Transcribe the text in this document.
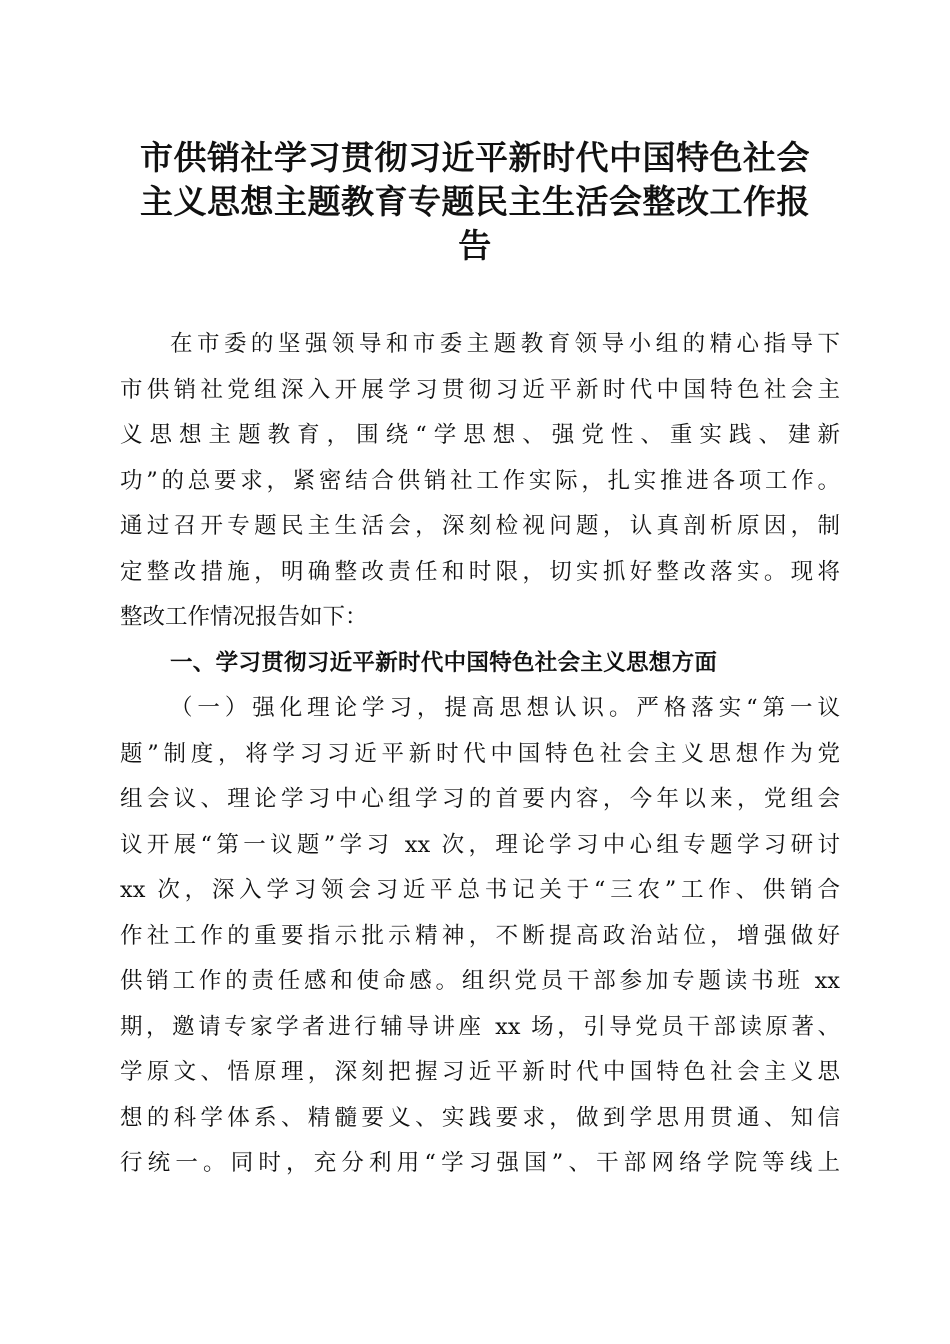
市供销社学习贯彻习近平新时代中国特色社会
主义思想主题教育专题民主生活会整改工作报
告

在市委的坚强领导和市委主题教育领导小组的精心指导下
市供销社党组深入开展学习贯彻习近平新时代中国特色社会主
义思想主题教育，围绕“学思想、强党性、重实践、建新
功”的总要求，紧密结合供销社工作实际，扎实推进各项工作。
通过召开专题民主生活会，深刻检视问题，认真剖析原因，制
定整改措施，明确整改责任和时限，切实抓好整改落实。现将
整改工作情况报告如下：

一、学习贯彻习近平新时代中国特色社会主义思想方面

（一）强化理论学习，提高思想认识。严格落实“第一议
题”制度，将学习习近平新时代中国特色社会主义思想作为党
组会议、理论学习中心组学习的首要内容，今年以来，党组会
议开展“第一议题”学习 xx 次，理论学习中心组专题学习研讨
xx 次，深入学习领会习近平总书记关于“三农”工作、供销合
作社工作的重要指示批示精神，不断提高政治站位，增强做好
供销工作的责任感和使命感。组织党员干部参加专题读书班 xx
期，邀请专家学者进行辅导讲座 xx 场，引导党员干部读原著、
学原文、悟原理，深刻把握习近平新时代中国特色社会主义思
想的科学体系、精髓要义、实践要求，做到学思用贯通、知信
行统一。同时，充分利用“学习强国”、干部网络学院等线上
